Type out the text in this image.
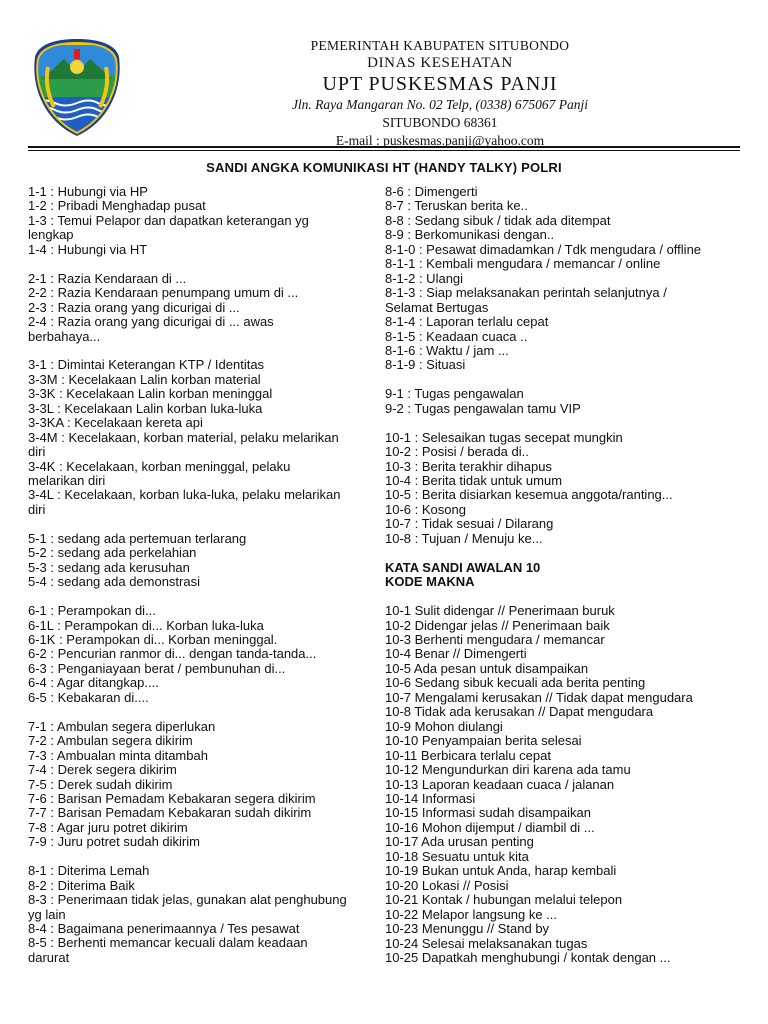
PEMERINTAH KABUPATEN SITUBONDO
DINAS KESEHATAN
UPT PUSKESMAS PANJI
Jln. Raya Mangaran No. 02 Telp, (0338) 675067 Panji
SITUBONDO 68361
E-mail : puskesmas.panji@yahoo.com
SANDI ANGKA KOMUNIKASI HT (HANDY TALKY) POLRI
1-1 : Hubungi via HP
1-2 : Pribadi Menghadap pusat
1-3 : Temui Pelapor dan dapatkan keterangan yg
lengkap
1-4 : Hubungi via HT
2-1 : Razia Kendaraan di ...
2-2 : Razia Kendaraan penumpang umum di ...
2-3 : Razia orang yang dicurigai di ...
2-4 : Razia orang yang dicurigai di ... awas
berbahaya...
3-1 : Dimintai Keterangan KTP / Identitas
3-3M : Kecelakaan Lalin korban material
3-3K : Kecelakaan Lalin korban meninggal
3-3L : Kecelakaan Lalin korban luka-luka
3-3KA : Kecelakaan kereta api
3-4M : Kecelakaan, korban material, pelaku melarikan
diri
3-4K : Kecelakaan, korban meninggal, pelaku
melarikan diri
3-4L : Kecelakaan, korban luka-luka, pelaku melarikan
diri
5-1 : sedang ada pertemuan terlarang
5-2 : sedang ada perkelahian
5-3 : sedang ada kerusuhan
5-4 : sedang ada demonstrasi
6-1 : Perampokan di...
6-1L : Perampokan di... Korban luka-luka
6-1K : Perampokan di... Korban meninggal.
6-2 : Pencurian ranmor di... dengan tanda-tanda...
6-3 : Penganiayaan berat / pembunuhan di...
6-4 : Agar ditangkap....
6-5 : Kebakaran di....
7-1 : Ambulan segera diperlukan
7-2 : Ambulan segera dikirim
7-3 : Ambualan minta ditambah
7-4 : Derek segera dikirim
7-5 : Derek sudah dikirim
7-6 : Barisan Pemadam Kebakaran segera dikirim
7-7 : Barisan Pemadam Kebakaran sudah dikirim
7-8 : Agar juru potret dikirim
7-9 : Juru potret sudah dikirim
8-1 : Diterima Lemah
8-2 : Diterima Baik
8-3 : Penerimaan tidak jelas, gunakan alat penghubung
yg lain
8-4 : Bagaimana penerimaannya / Tes pesawat
8-5 : Berhenti memancar kecuali dalam keadaan
darurat
8-6 : Dimengerti
8-7 : Teruskan berita ke..
8-8 : Sedang sibuk / tidak ada ditempat
8-9 : Berkomunikasi dengan..
8-1-0 : Pesawat dimadamkan / Tdk mengudara / offline
8-1-1 : Kembali mengudara / memancar / online
8-1-2 : Ulangi
8-1-3 : Siap melaksanakan perintah selanjutnya /
Selamat Bertugas
8-1-4 : Laporan terlalu cepat
8-1-5 : Keadaan cuaca ..
8-1-6 : Waktu / jam ...
8-1-9 : Situasi
9-1 : Tugas pengawalan
9-2 : Tugas pengawalan tamu VIP
10-1 : Selesaikan tugas secepat mungkin
10-2 : Posisi / berada di..
10-3 : Berita terakhir dihapus
10-4 : Berita tidak untuk umum
10-5 : Berita disiarkan kesemua anggota/ranting...
10-6 : Kosong
10-7 : Tidak sesuai / Dilarang
10-8 : Tujuan / Menuju ke...
KATA SANDI AWALAN 10
KODE MAKNA
10-1 Sulit didengar // Penerimaan buruk
10-2 Didengar jelas // Penerimaan baik
10-3 Berhenti mengudara / memancar
10-4 Benar // Dimengerti
10-5 Ada pesan untuk disampaikan
10-6 Sedang sibuk kecuali ada berita penting
10-7 Mengalami kerusakan // Tidak dapat mengudara
10-8 Tidak ada kerusakan // Dapat mengudara
10-9 Mohon diulangi
10-10 Penyampaian berita selesai
10-11 Berbicara terlalu cepat
10-12 Mengundurkan diri karena ada tamu
10-13 Laporan keadaan cuaca / jalanan
10-14 Informasi
10-15 Informasi sudah disampaikan
10-16 Mohon dijemput / diambil di ...
10-17 Ada urusan penting
10-18 Sesuatu untuk kita
10-19 Bukan untuk Anda, harap kembali
10-20 Lokasi // Posisi
10-21 Kontak / hubungan melalui telepon
10-22 Melapor langsung ke ...
10-23 Menunggu // Stand by
10-24 Selesai melaksanakan tugas
10-25 Dapatkah menghubungi / kontak dengan ...
